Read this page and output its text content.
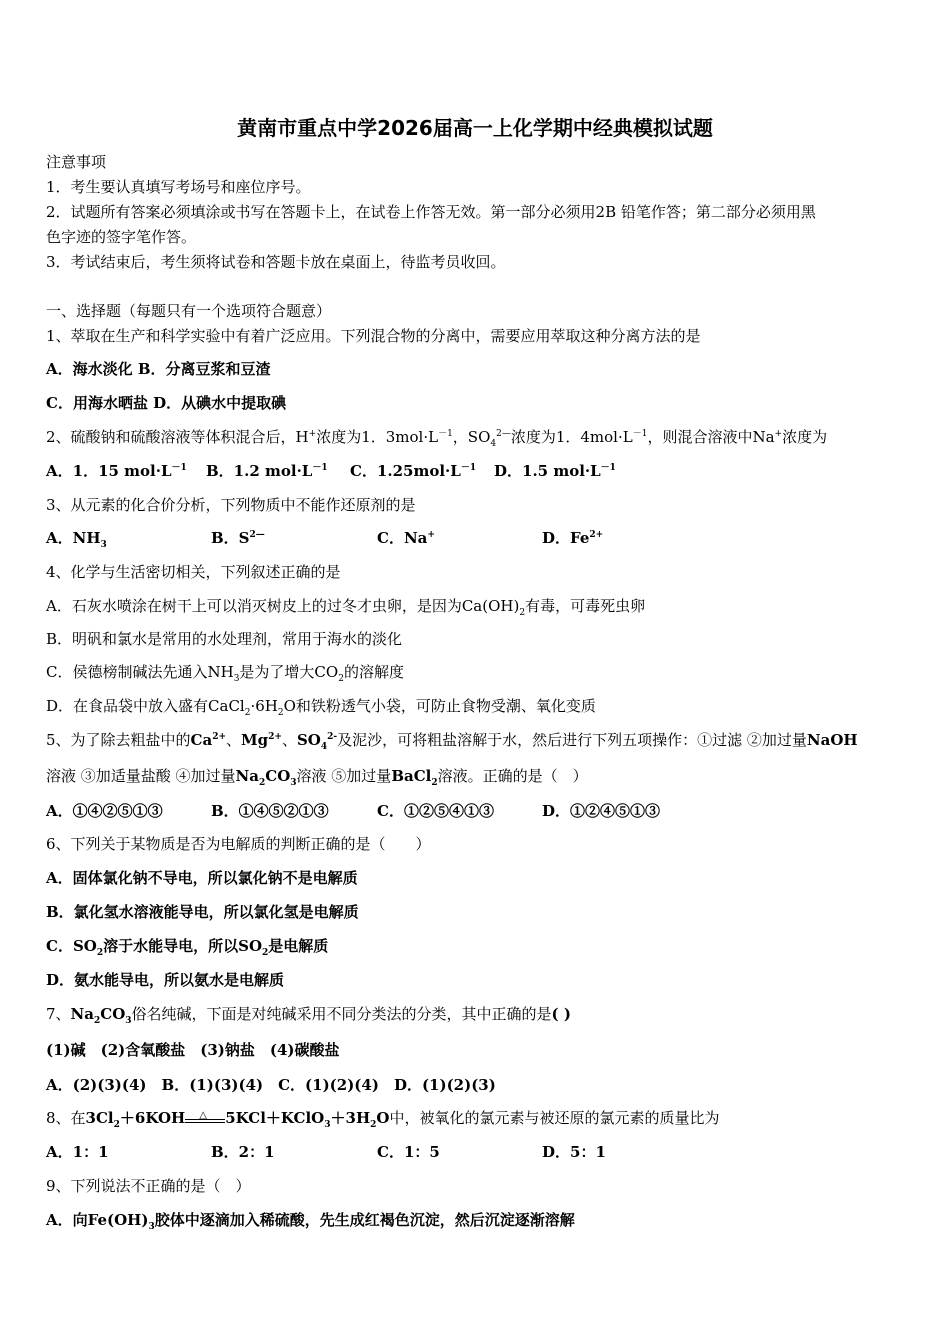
黄南市重点中学2026届高一上化学期中经典模拟试题
注意事项
1．考生要认真填写考场号和座位序号。
2．试题所有答案必须填涂或书写在答题卡上，在试卷上作答无效。第一部分必须用2B 铅笔作答；第二部分必须用黑
色字迹的签字笔作答。
3．考试结束后，考生须将试卷和答题卡放在桌面上，待监考员收回。
一、选择题（每题只有一个选项符合题意）
1、萃取在生产和科学实验中有着广泛应用。下列混合物的分离中，需要应用萃取这种分离方法的是
A．海水淡化 B．分离豆浆和豆渣
C．用海水晒盐 D．从碘水中提取碘
2、硫酸钠和硫酸溶液等体积混合后，H+浓度为1．$3mol\cdot L^{-1}$，$SO_4^{2—}$浓度为1．$4mol\cdot L^{-1}$，则混合溶液中Na+浓度为
A．1．15 $mol\cdot L^{-1}$ B．1.2 $mol\cdot L^{-1}$ C．$1.25mol\cdot L^{-1}$ D．1.5 $mol\cdot L^{-1}$
3、从元素的化合价分析，下列物质中不能作还原剂的是
A．$NH_3$	B．$S^{2—}$	C．Na+	D．$Fe^{2+}$
4、化学与生活密切相关，下列叙述正确的是
A．石灰水喷涂在树干上可以消灭树皮上的过冬才虫卵，是因为$Ca(OH)_2$有毒，可毒死虫卵
B．明矾和氯水是常用的水处理剂，常用于海水的淡化
C．侯德榜制碱法先通入$NH_3$是为了增大$CO_2$的溶解度
D．在食品袋中放入盛有$CaCl_2\cdot 6H_2O$和铁粉透气小袋，可防止食物受潮、氧化变质
5、为了除去粗盐中的$Ca^{2+}$、$Mg^{2+}$、$SO_4^{2-}$及泥沙，可将粗盐溶解于水，然后进行下列五项操作：①过滤 ②加过量NaOH
溶液 ③加适量盐酸 ④加过量$Na_2CO_3$溶液 ⑤加过量BaCl$_2$溶液。正确的是（　）
A．①④②⑤①③	B．①④⑤②①③	C．①②⑤④①③	D．①②④⑤①③
6、下列关于某物质是否为电解质的判断正确的是（　　）
A．固体氯化钠不导电，所以氯化钠不是电解质
B．氯化氢水溶液能导电，所以氯化氢是电解质
C．$SO_2$溶于水能导电，所以$SO_2$是电解质
D．氨水能导电，所以氨水是电解质
7、$Na_2CO_3$俗名纯碱，下面是对纯碱采用不同分类法的分类，其中正确的是( )
(1)碱　(2)含氧酸盐　(3)钠盐　(4)碳酸盐
A．(2)(3)(4)　B．(1)(3)(4)　C．(1)(2)(4)　D．(1)(2)(3)
8、在$3Cl_2+6KOH$ △ $5KCl+KClO_3+3H_2O$中，被氧化的氯元素与被还原的氯元素的质量比为
A．1：1	B．2：1	C．1：5	D．5：1
9、下列说法不正确的是（　）
A．向$Fe(OH)_3$胶体中逐滴加入稀硫酸，先生成红褐色沉淀，然后沉淀逐渐溶解
